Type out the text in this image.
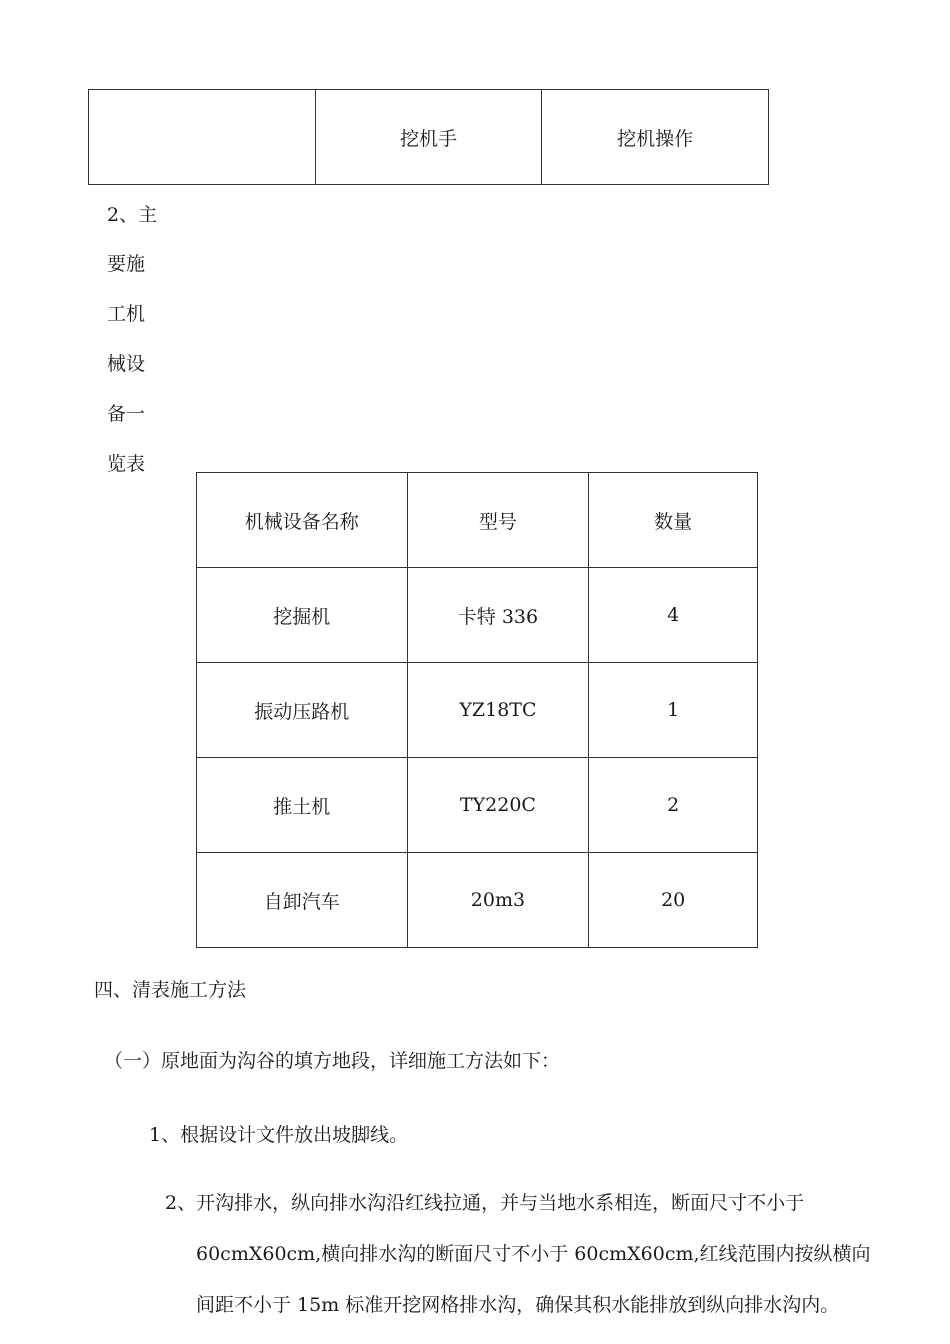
	挖机手	挖机操作
2、主
要施
工机
械设
备一
览表
机械设备名称	型号	数量
挖掘机	卡特 336	4
振动压路机	YZ18TC	1
推土机	TY220C	2
自卸汽车	20m3	20
四、清表施工方法
（一）原地面为沟谷的填方地段，详细施工方法如下：
1、根据设计文件放出坡脚线。
2、开沟排水，纵向排水沟沿红线拉通，并与当地水系相连，断面尺寸不小于
60cmX60cm,横向排水沟的断面尺寸不小于 60cmX60cm,红线范围内按纵横向
间距不小于 15m 标准开挖网格排水沟，确保其积水能排放到纵向排水沟内。
